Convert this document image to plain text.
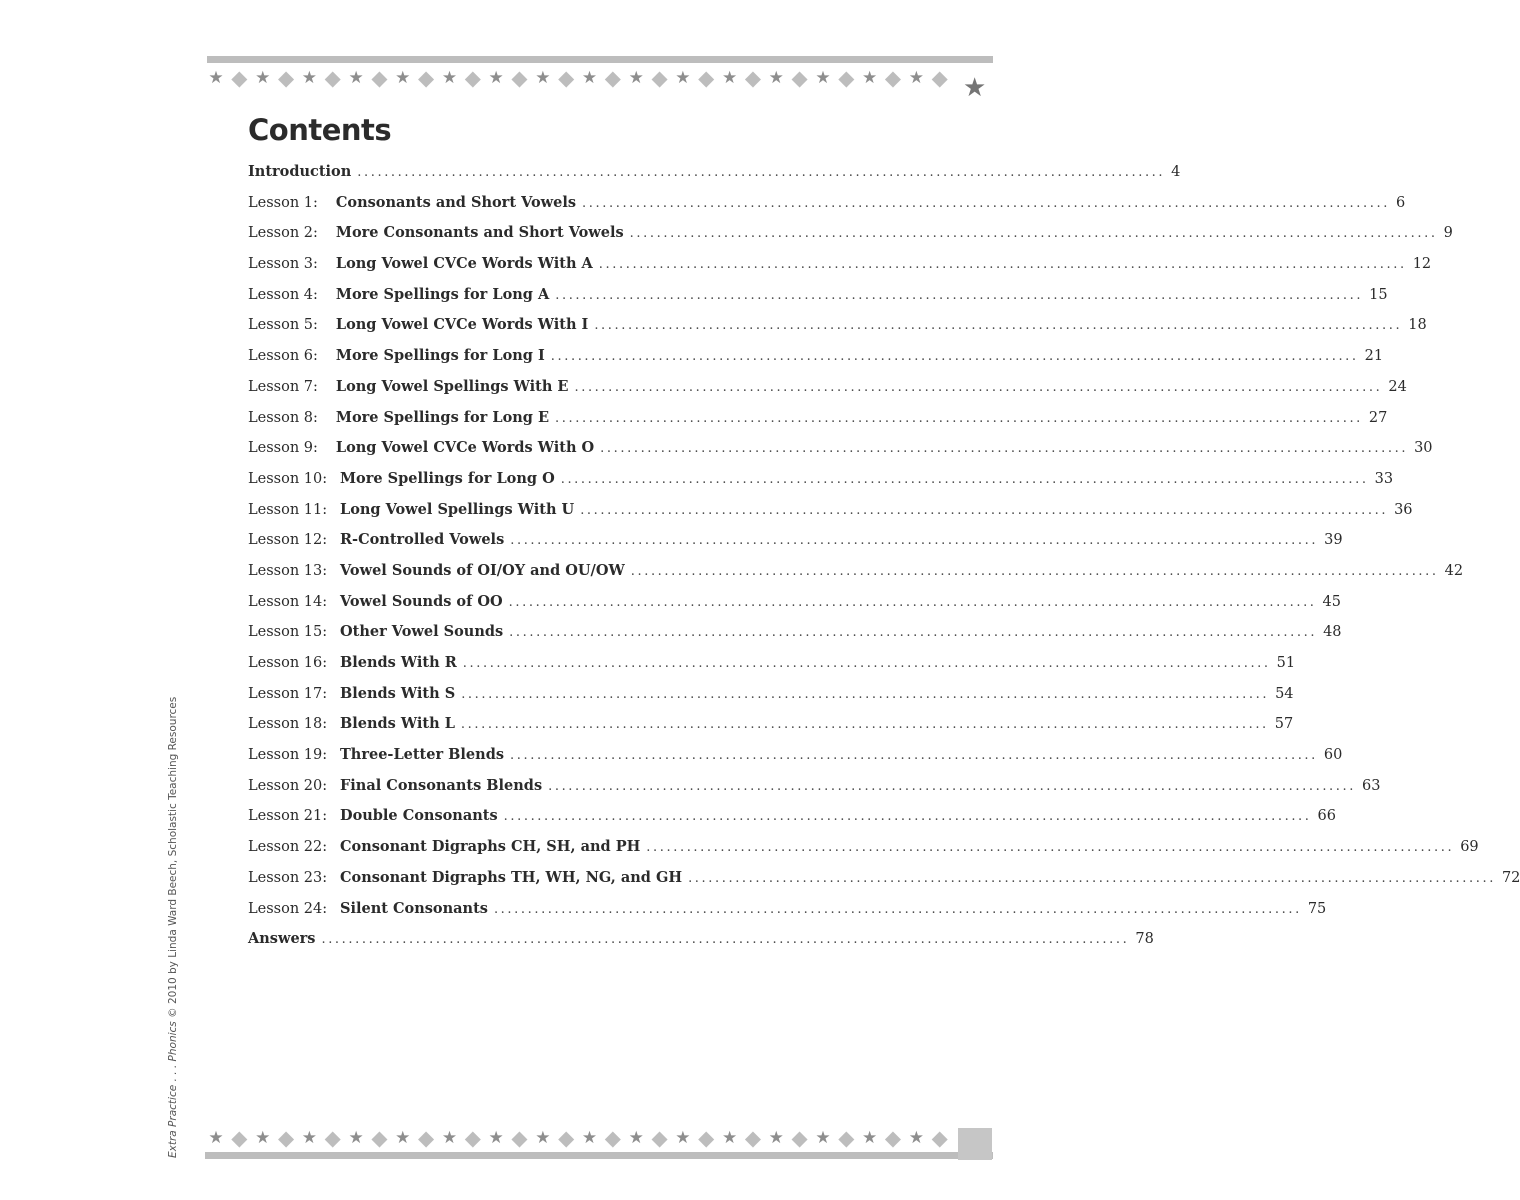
★ ◆ ★ ◆ ★ ◆ ★ ◆ ★ ◆ ★ ◆ ★ ◆ ★ ◆ ★ ◆ ★ ◆ ★ ◆ ★ ◆ ★ ◆ ★ ◆ ★ ◆ ★ ◆ ★
Contents
Introduction ........................................................................................................................ 4
Lesson 1:	Consonants and Short Vowels ........................................................................................................................ 6
Lesson 2:	More Consonants and Short Vowels ........................................................................................................................ 9
Lesson 3:	Long Vowel CVCe Words With A ........................................................................................................................ 12
Lesson 4:	More Spellings for Long A ........................................................................................................................ 15
Lesson 5:	Long Vowel CVCe Words With I ........................................................................................................................ 18
Lesson 6:	More Spellings for Long I ........................................................................................................................ 21
Lesson 7:	Long Vowel Spellings With E ........................................................................................................................ 24
Lesson 8:	More Spellings for Long E ........................................................................................................................ 27
Lesson 9:	Long Vowel CVCe Words With O ........................................................................................................................ 30
Lesson 10: More Spellings for Long O ........................................................................................................................ 33
Lesson 11: Long Vowel Spellings With U ........................................................................................................................ 36
Lesson 12: R-Controlled Vowels ........................................................................................................................ 39
Lesson 13: Vowel Sounds of OI/OY and OU/OW ........................................................................................................................ 42
Lesson 14: Vowel Sounds of OO ........................................................................................................................ 45
Lesson 15: Other Vowel Sounds ........................................................................................................................ 48
Lesson 16: Blends With R ........................................................................................................................ 51
Lesson 17: Blends With S ........................................................................................................................ 54
Lesson 18: Blends With L ........................................................................................................................ 57
Lesson 19: Three-Letter Blends ........................................................................................................................ 60
Lesson 20: Final Consonants Blends ........................................................................................................................ 63
Lesson 21: Double Consonants ........................................................................................................................ 66
Lesson 22: Consonant Digraphs CH, SH, and PH ........................................................................................................................ 69
Lesson 23: Consonant Digraphs TH, WH, NG, and GH ........................................................................................................................ 72
Lesson 24: Silent Consonants ........................................................................................................................ 75
Answers ........................................................................................................................ 78
Extra Practice . . . Phonics © 2010 by Linda Ward Beech, Scholastic Teaching Resources
★ ◆ ★ ◆ ★ ◆ ★ ◆ ★ ◆ ★ ◆ ★ ◆ ★ ◆ ★ ◆ ★ ◆ ★ ◆ ★ ◆ ★ ◆ ★ ◆ ★ ◆ ★ ◆
